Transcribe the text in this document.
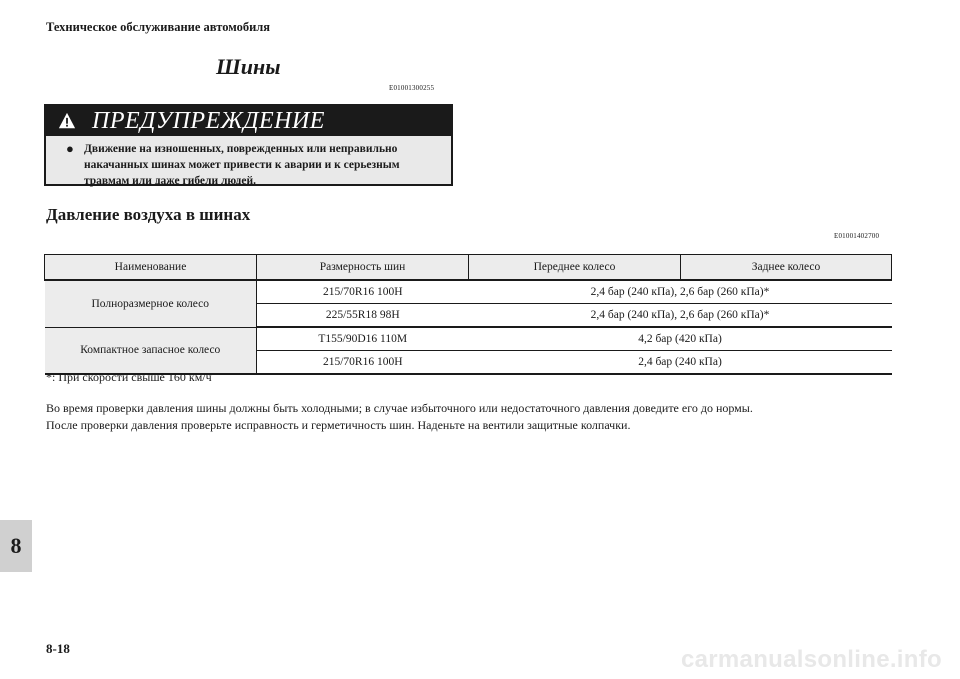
Техническое обслуживание автомобиля
Шины
E01001300255
ПРЕДУПРЕЖДЕНИЕ
● Движение на изношенных, поврежденных или неправильно накачанных шинах может привести к аварии и к серьезным травмам или даже гибели людей.
Давление воздуха в шинах
E01001402700
Наименование	Размерность шин	Переднее колесо	Заднее колесо
Полноразмерное колесо	215/70R16 100H	2,4 бар (240 кПа), 2,6 бар (260 кПа)*	
	225/55R18 98H	2,4 бар (240 кПа), 2,6 бар (260 кПа)*	
Компактное запасное колесо	T155/90D16 110M	4,2 бар (420 кПа)	
	215/70R16 100H	2,4 бар (240 кПа)	
*: При скорости свыше 160 км/ч
Во время проверки давления шины должны быть холодными; в случае избыточного или недостаточного давления доведите его до нормы.
После проверки давления проверьте исправность и герметичность шин. Наденьте на вентили защитные колпачки.
8
8-18	carmanualsonline.info
